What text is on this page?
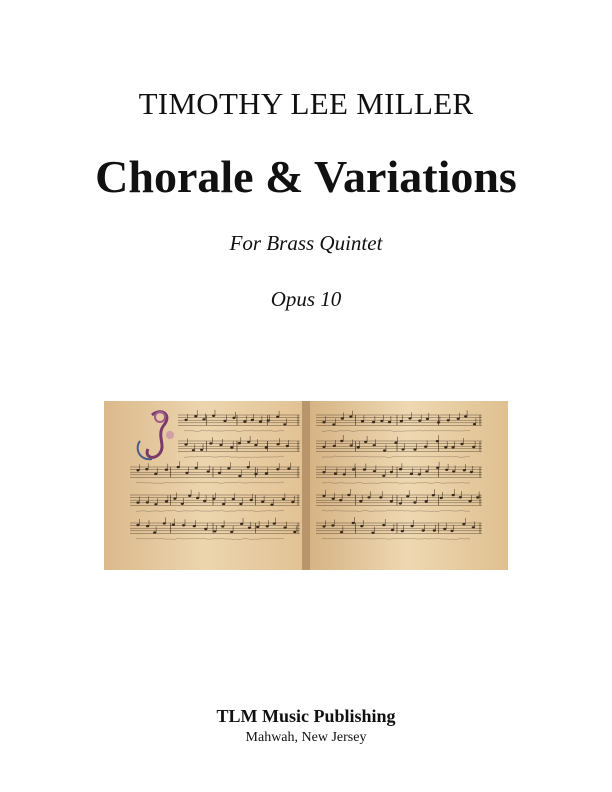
TIMOTHY LEE MILLER
Chorale & Variations
For Brass Quintet
Opus 10
TLM Music Publishing
Mahwah, New Jersey
